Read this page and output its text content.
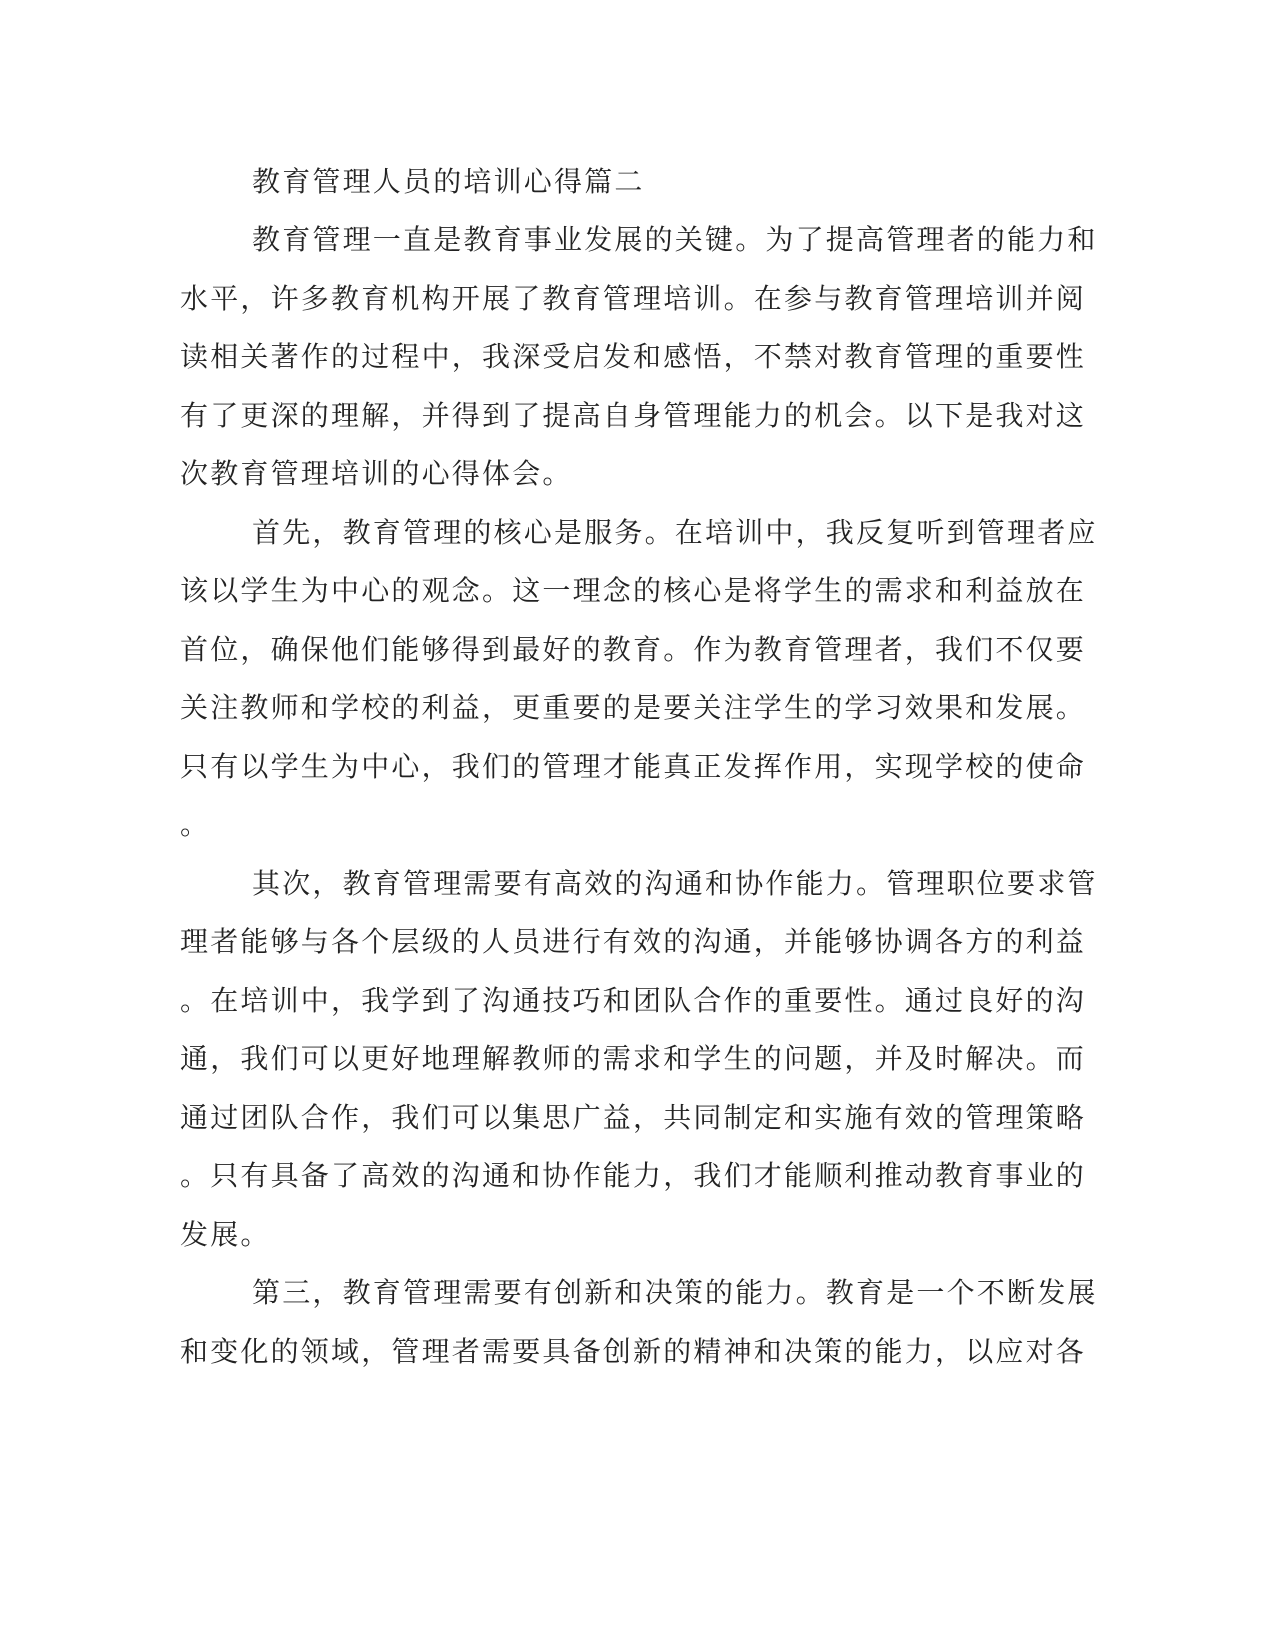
教育管理人员的培训心得篇二
教育管理一直是教育事业发展的关键。为了提高管理者的能力和
水平，许多教育机构开展了教育管理培训。在参与教育管理培训并阅
读相关著作的过程中，我深受启发和感悟，不禁对教育管理的重要性
有了更深的理解，并得到了提高自身管理能力的机会。以下是我对这
次教育管理培训的心得体会。
首先，教育管理的核心是服务。在培训中，我反复听到管理者应
该以学生为中心的观念。这一理念的核心是将学生的需求和利益放在
首位，确保他们能够得到最好的教育。作为教育管理者，我们不仅要
关注教师和学校的利益，更重要的是要关注学生的学习效果和发展。
只有以学生为中心，我们的管理才能真正发挥作用，实现学校的使命
。
其次，教育管理需要有高效的沟通和协作能力。管理职位要求管
理者能够与各个层级的人员进行有效的沟通，并能够协调各方的利益
。在培训中，我学到了沟通技巧和团队合作的重要性。通过良好的沟
通，我们可以更好地理解教师的需求和学生的问题，并及时解决。而
通过团队合作，我们可以集思广益，共同制定和实施有效的管理策略
。只有具备了高效的沟通和协作能力，我们才能顺利推动教育事业的
发展。
第三，教育管理需要有创新和决策的能力。教育是一个不断发展
和变化的领域，管理者需要具备创新的精神和决策的能力，以应对各
